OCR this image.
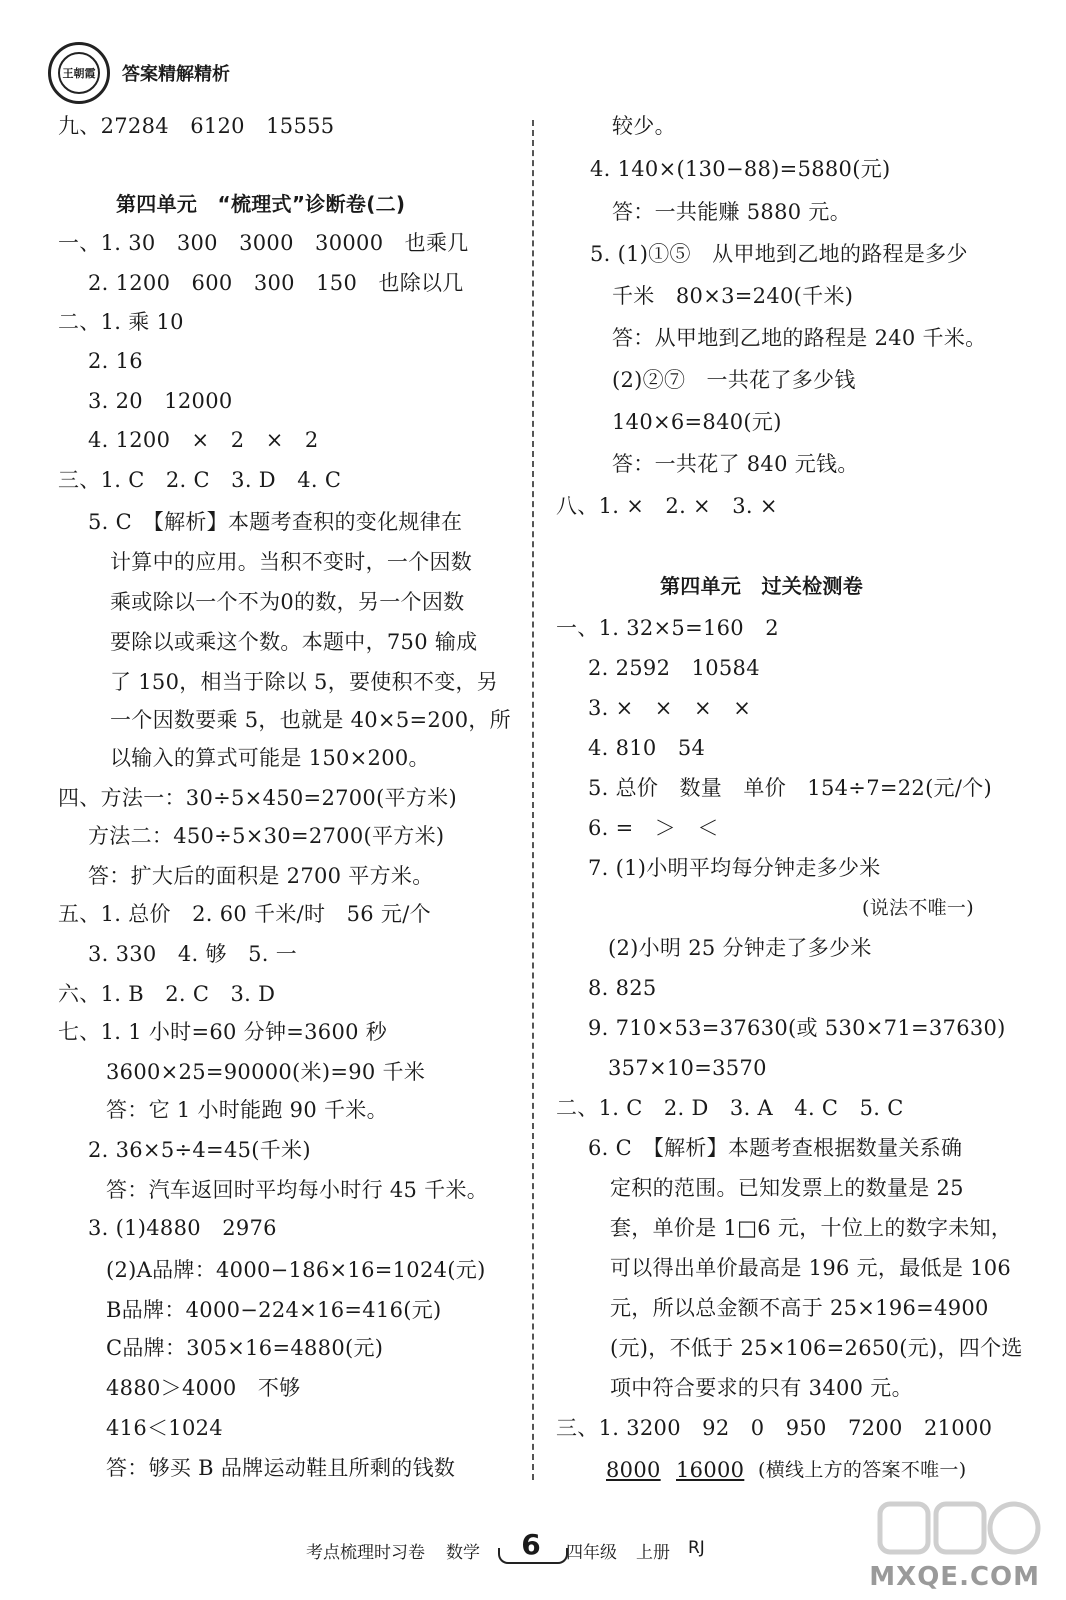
王朝霞 答案精解精析
九、27284　6120　15555
第四单元　“梳理式”诊断卷(二)
一、1. 30　300　3000　30000　也乘几
2. 1200　600　300　150　也除以几
二、1. 乘 10
2. 16
3. 20　12000
4. 1200　×　2　×　2
三、1. C　2. C　3. D　4. C
5. C　【解析】本题考查积的变化规律在
计算中的应用。当积不变时，一个因数
乘或除以一个不为0的数，另一个因数
要除以或乘这个数。本题中，750 输成
了 150，相当于除以 5，要使积不变，另
一个因数要乘 5，也就是 40×5=200，所
以输入的算式可能是 150×200。
四、方法一：30÷5×450=2700(平方米)
方法二：450÷5×30=2700(平方米)
答：扩大后的面积是 2700 平方米。
五、1. 总价　2. 60 千米/时　56 元/个
3. 330　4. 够　5. 一
六、1. B　2. C　3. D
七、1. 1 小时=60 分钟=3600 秒
3600×25=90000(米)=90 千米
答：它 1 小时能跑 90 千米。
2. 36×5÷4=45(千米)
答：汽车返回时平均每小时行 45 千米。
3. (1)4880　2976
(2)A品牌：4000−186×16=1024(元)
B品牌：4000−224×16=416(元)
C品牌：305×16=4880(元)
4880＞4000　不够
416＜1024
答：够买 B 品牌运动鞋且所剩的钱数
较少。
4. 140×(130−88)=5880(元)
答：一共能赚 5880 元。
5. (1)①⑤　从甲地到乙地的路程是多少
千米　80×3=240(千米)
答：从甲地到乙地的路程是 240 千米。
(2)②⑦　一共花了多少钱
140×6=840(元)
答：一共花了 840 元钱。
八、1. ×　2. ×　3. ×
第四单元　过关检测卷
一、1. 32×5=160　2
2. 2592　10584
3. ×　×　×　×
4. 810　54
5. 总价　数量　单价　154÷7=22(元/个)
6. =　＞　＜
7. (1)小明平均每分钟走多少米
(说法不唯一)
(2)小明 25 分钟走了多少米
8. 825
9. 710×53=37630(或 530×71=37630)
357×10=3570
二、1. C　2. D　3. A　4. C　5. C
6. C　【解析】本题考查根据数量关系确
定积的范围。已知发票上的数量是 25
套，单价是 1□6 元，十位上的数字未知，
可以得出单价最高是 196 元，最低是 106
元，所以总金额不高于 25×196=4900
(元)，不低于 25×106=2650(元)，四个选
项中符合要求的只有 3400 元。
三、1. 3200　92　0　950　7200　21000
8000 16000 (横线上方的答案不唯一)
考点梳理时习卷 数学	6	四年级 上册 RJ
MXQE.COM
